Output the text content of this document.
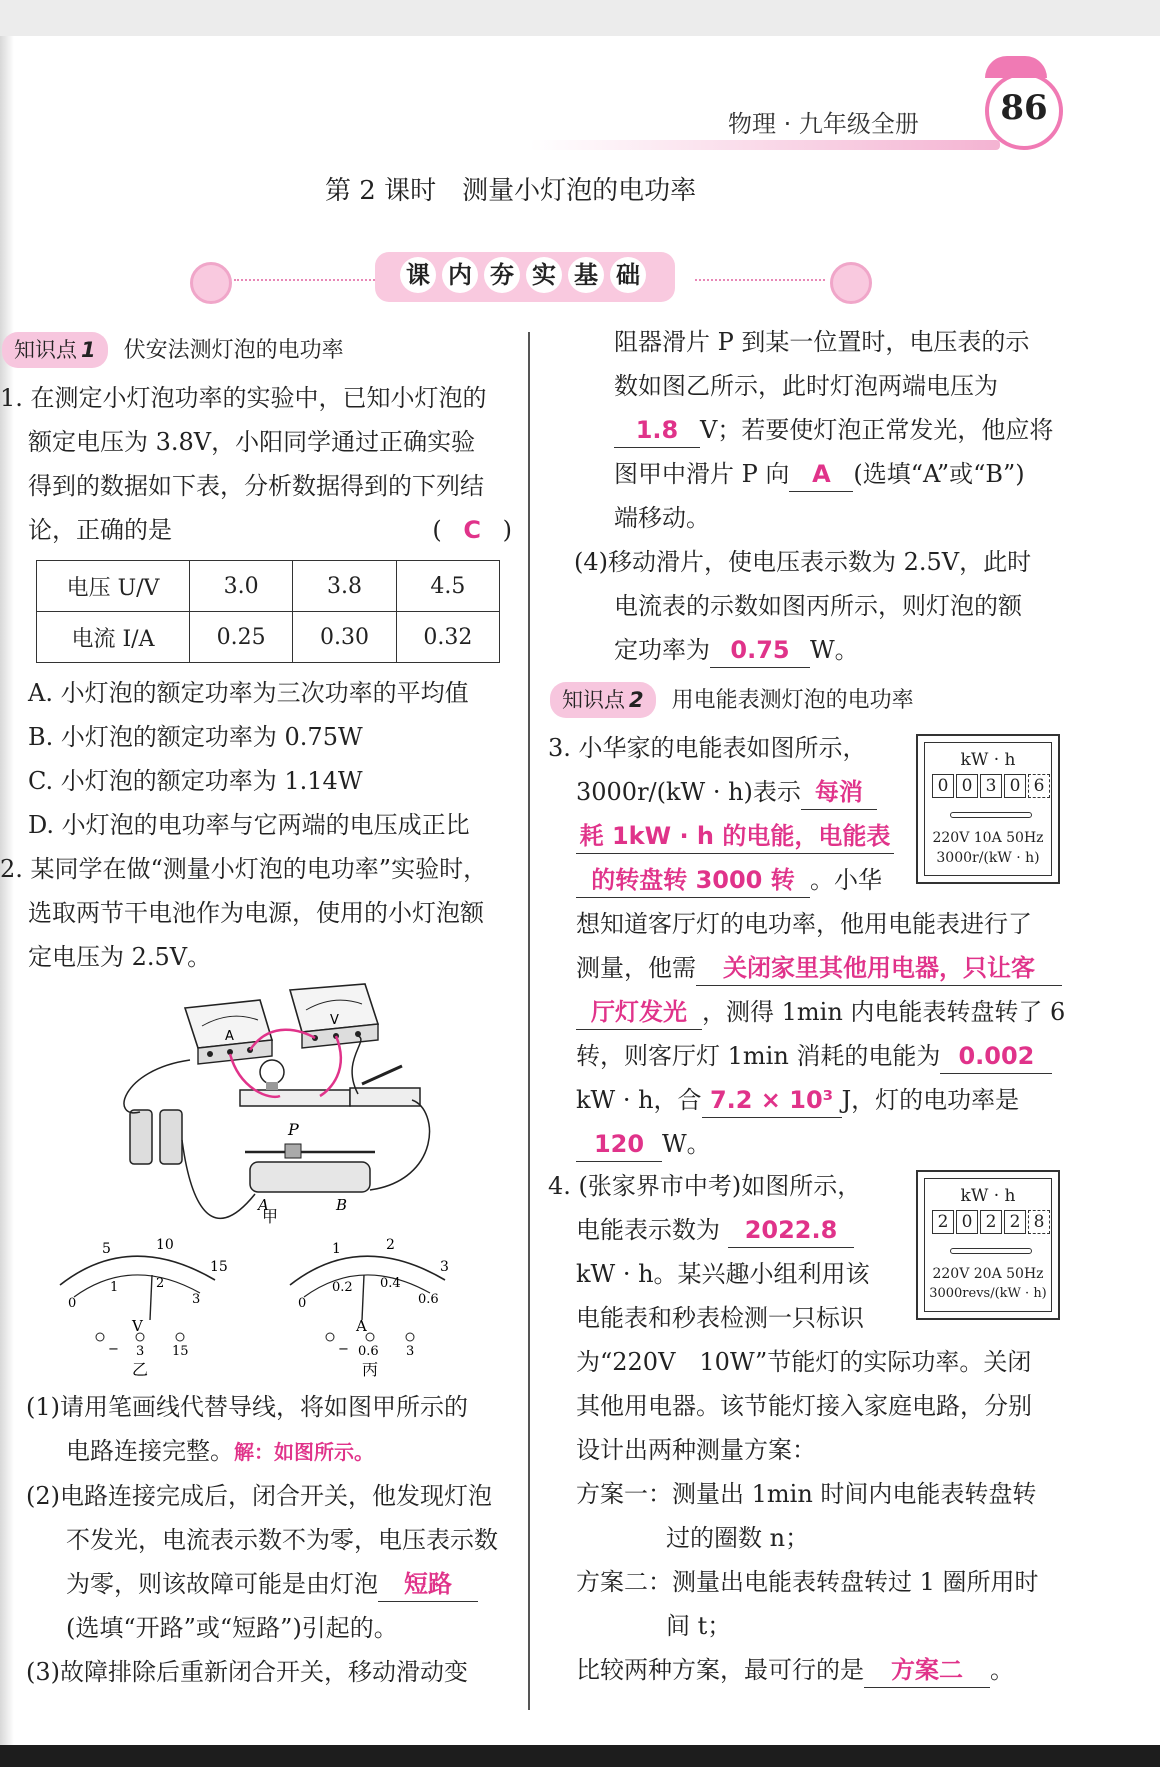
物理 · 九年级全册	86
第 2 课时　测量小灯泡的电功率
课 内 夯 实 基 础
知识点 1 伏安法测灯泡的电功率
1. 在测定小灯泡功率的实验中，已知小灯泡的
额定电压为 3.8V，小阳同学通过正确实验
得到的数据如下表，分析数据得到的下列结
论，正确的是	( C )
电压 U/V	3.0	3.8	4.5
电流 I/A	0.25	0.30	0.32
A. 小灯泡的额定功率为三次功率的平均值
B. 小灯泡的额定功率为 0.75W
C. 小灯泡的额定功率为 1.14W
D. 小灯泡的电功率与它两端的电压成正比
2. 某同学在做“测量小灯泡的电功率”实验时，
选取两节干电池作为电源，使用的小灯泡额
定电压为 2.5V。
A
V
P
A	B
甲
5	10
15
0
1	2
3
V
− 3 15
乙
1	2
3
0
0.2 0.4
0.6
A
− 0.6 3
丙
(1)请用笔画线代替导线，将如图甲所示的
电路连接完整。解：如图所示。
(2)电路连接完成后，闭合开关，他发现灯泡
不发光，电流表示数不为零，电压表示数
为零，则该故障可能是由灯泡 短路
(选填“开路”或“短路”)引起的。
(3)故障排除后重新闭合开关，移动滑动变
阻器滑片 P 到某一位置时，电压表的示
数如图乙所示，此时灯泡两端电压为
1.8 V；若要使灯泡正常发光，他应将
图甲中滑片 P 向 A (选填“A”或“B”)
端移动。
(4)移动滑片，使电压表示数为 2.5V，此时
电流表的示数如图丙所示，则灯泡的额
定功率为 0.75 W。
知识点 2 用电能表测灯泡的电功率
3. 小华家的电能表如图所示，
3000r/(kW · h)表示 每消
耗 1kW · h 的电能，电能表
的转盘转 3000 转 。小华
想知道客厅灯的电功率，他用电能表进行了
测量，他需 关闭家里其他用电器，只让客
厅灯发光 ，测得 1min 内电能表转盘转了 6
转，则客厅灯 1min 消耗的电能为 0.002
kW · h，合 7.2 × 10³ J，灯的电功率是
120 W。
kW · h
0 0 3 0 6
220V 10A 50Hz
3000r/(kW · h)
4. (张家界市中考)如图所示，
电能表示数为 2022.8
kW · h。某兴趣小组利用该
电能表和秒表检测一只标识
为“220V　10W”节能灯的实际功率。关闭
其他用电器。该节能灯接入家庭电路，分别
设计出两种测量方案：
方案一：测量出 1min 时间内电能表转盘转
过的圈数 n；
方案二：测量出电能表转盘转过 1 圈所用时
间 t；
比较两种方案，最可行的是 方案二 。
kW · h
2 0 2 2 8
220V 20A 50Hz
3000revs/(kW · h)
